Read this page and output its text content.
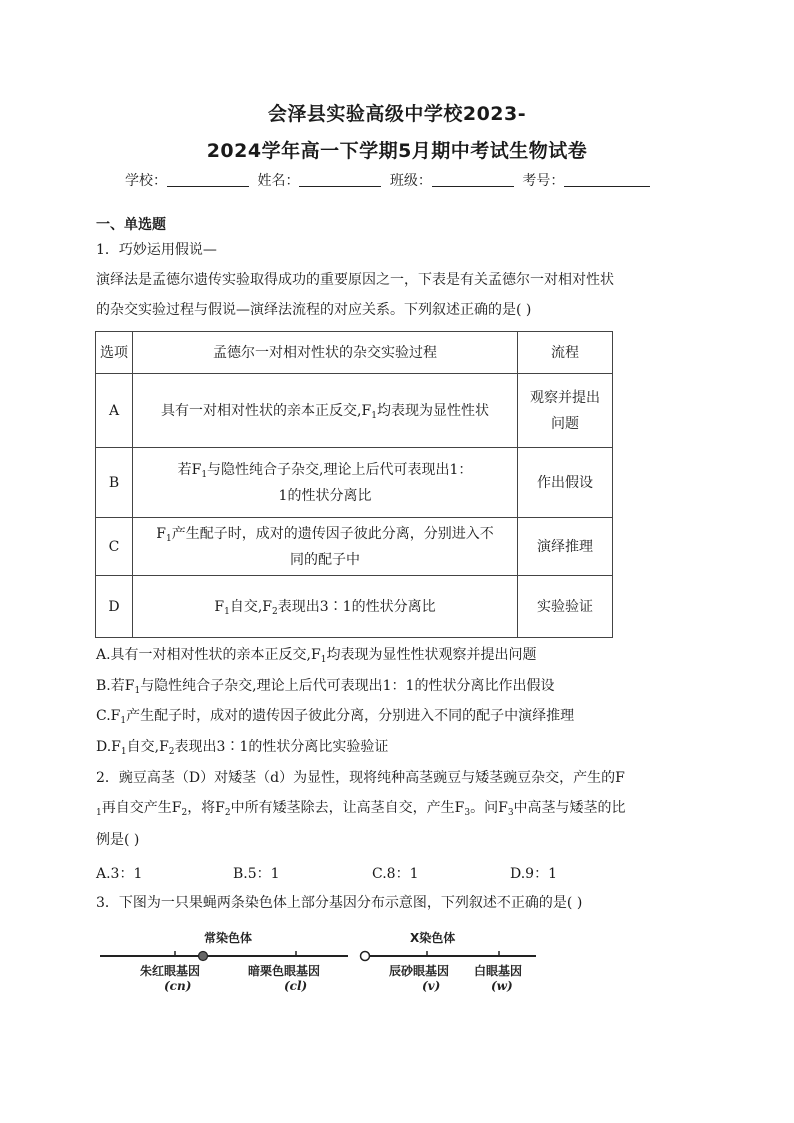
会泽县实验高级中学校2023-
2024学年高一下学期5月期中考试生物试卷
学校：	姓名：	班级：	考号：
一、单选题
1．巧妙运用假说—
演绎法是孟德尔遗传实验取得成功的重要原因之一，下表是有关孟德尔一对相对性状
的杂交实验过程与假说—演绎法流程的对应关系。下列叙述正确的是( )
选项	孟德尔一对相对性状的杂交实验过程	流程
A	具有一对相对性状的亲本正反交$,F_1$均表现为显性性状	观察并提出
问题
B	若$F_1$与隐性纯合子杂交,理论上后代可表现出1：
1的性状分离比	作出假设
C	$F_1$产生配子时，成对的遗传因子彼此分离，分别进入不
同的配子中	演绎推理
D	$F_1$自交$,F_2$表现出3∶1的性状分离比	实验验证
A.具有一对相对性状的亲本正反交$,F_1$均表现为显性性状观察并提出问题
B.若$F_1$与隐性纯合子杂交,理论上后代可表现出1：1的性状分离比作出假设
$C.F_1$产生配子时，成对的遗传因子彼此分离，分别进入不同的配子中演绎推理
$D.F_1$自交$,F_2$表现出3∶1的性状分离比实验验证
2．豌豆高茎（D）对矮茎（d）为显性，现将纯种高茎豌豆与矮茎豌豆杂交，产生的F
$_1$再自交产生$F_2$，将$F_2$中所有矮茎除去，让高茎自交，产生$F_3$。问$F_3$中高茎与矮茎的比
例是( )
A.3：1	B.5：1	C.8：1	D.9：1
3．下图为一只果蝇两条染色体上部分基因分布示意图，下列叙述不正确的是( )
常染色体
朱红眼基因
(cn)
暗栗色眼基因
(cl)
X染色体
辰砂眼基因
(v)
白眼基因
(w)
